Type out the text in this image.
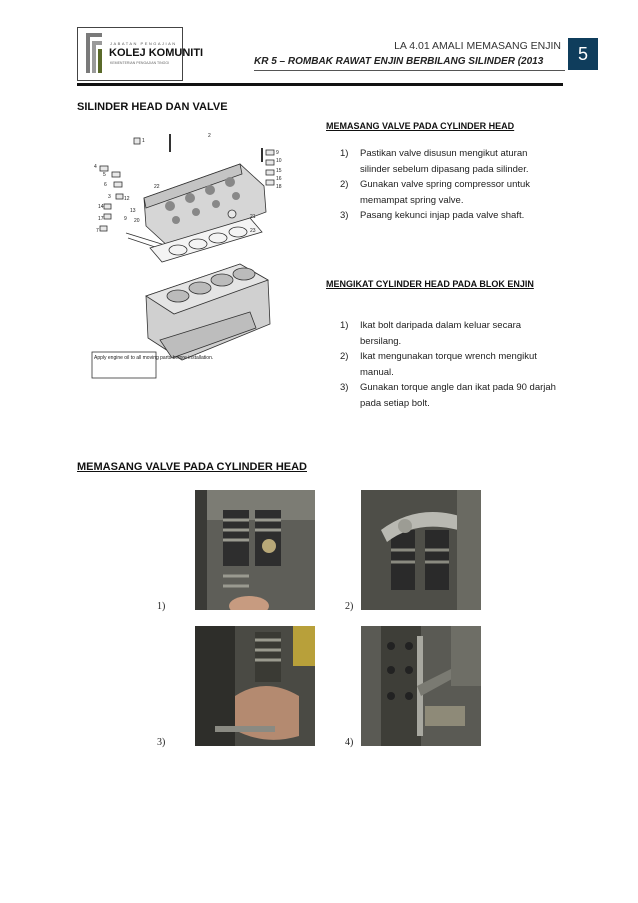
JABATAN PENGAJIAN
KOLEJ KOMUNITI
KEMENTERIAN PENGAJIAN TINGGI
LA 4.01 AMALI MEMASANG ENJIN
KR 5 – ROMBAK RAWAT ENJIN BERBILANG SILINDER (2013	5
SILINDER HEAD DAN VALVE
Apply engine oil to all moving parts before installation.
1
2
4
5
6
3
14
17
7
9 20
13
9
10
15
16
18
21
23
22
12
MEMASANG VALVE PADA CYLINDER HEAD
1) Pastikan valve disusun mengikut aturan silinder sebelum dipasang pada silinder.
2) Gunakan valve spring compressor untuk memampat spring valve.
3) Pasang kekunci injap pada valve shaft.
MENGIKAT CYLINDER HEAD PADA BLOK ENJIN
1) Ikat bolt daripada dalam keluar secara bersilang.
2) Ikat mengunakan torque wrench mengikut manual.
3) Gunakan torque angle dan ikat pada 90 darjah pada setiap bolt.
MEMASANG VALVE PADA CYLINDER HEAD
1)	2)
3)	4)
